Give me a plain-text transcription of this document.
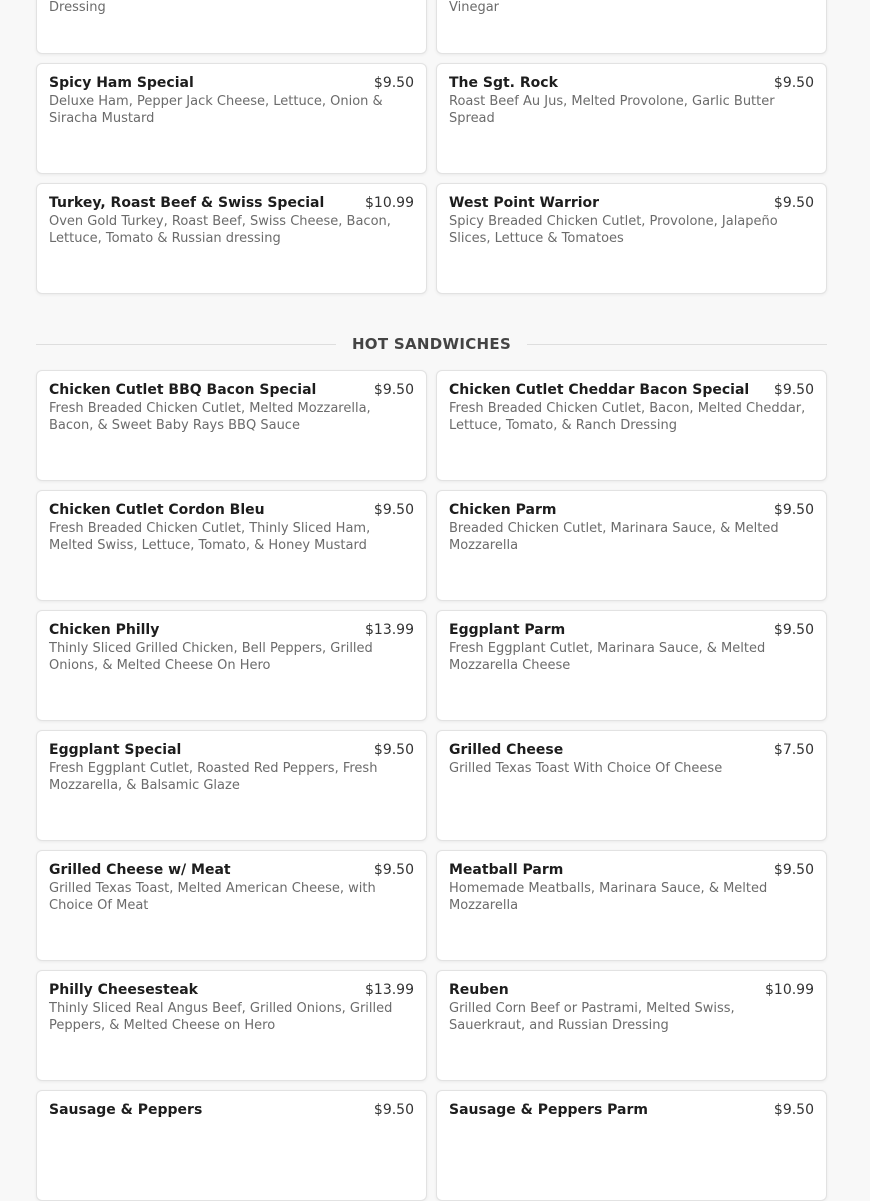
Dressing	Vinegar
Spicy Ham Special	$9.50
Deluxe Ham, Pepper Jack Cheese, Lettuce, Onion & Siracha Mustard
The Sgt. Rock	$9.50
Roast Beef Au Jus, Melted Provolone, Garlic Butter Spread
Turkey, Roast Beef & Swiss Special	$10.99
Oven Gold Turkey, Roast Beef, Swiss Cheese, Bacon, Lettuce, Tomato & Russian dressing
West Point Warrior	$9.50
Spicy Breaded Chicken Cutlet, Provolone, Jalapeño Slices, Lettuce & Tomatoes
HOT SANDWICHES
Chicken Cutlet BBQ Bacon Special	$9.50
Fresh Breaded Chicken Cutlet, Melted Mozzarella, Bacon, & Sweet Baby Rays BBQ Sauce
Chicken Cutlet Cheddar Bacon Special $9.50
Fresh Breaded Chicken Cutlet, Bacon, Melted Cheddar, Lettuce, Tomato, & Ranch Dressing
Chicken Cutlet Cordon Bleu	$9.50
Fresh Breaded Chicken Cutlet, Thinly Sliced Ham, Melted Swiss, Lettuce, Tomato, & Honey Mustard
Chicken Parm	$9.50
Breaded Chicken Cutlet, Marinara Sauce, & Melted Mozzarella
Chicken Philly	$13.99
Thinly Sliced Grilled Chicken, Bell Peppers, Grilled Onions, & Melted Cheese On Hero
Eggplant Parm	$9.50
Fresh Eggplant Cutlet, Marinara Sauce, & Melted Mozzarella Cheese
Eggplant Special	$9.50
Fresh Eggplant Cutlet, Roasted Red Peppers, Fresh Mozzarella, & Balsamic Glaze
Grilled Cheese	$7.50
Grilled Texas Toast With Choice Of Cheese
Grilled Cheese w/ Meat	$9.50
Grilled Texas Toast, Melted American Cheese, with Choice Of Meat
Meatball Parm	$9.50
Homemade Meatballs, Marinara Sauce, & Melted Mozzarella
Philly Cheesesteak	$13.99
Thinly Sliced Real Angus Beef, Grilled Onions, Grilled Peppers, & Melted Cheese on Hero
Reuben	$10.99
Grilled Corn Beef or Pastrami, Melted Swiss, Sauerkraut, and Russian Dressing
Sausage & Peppers	$9.50	Sausage & Peppers Parm	$9.50
